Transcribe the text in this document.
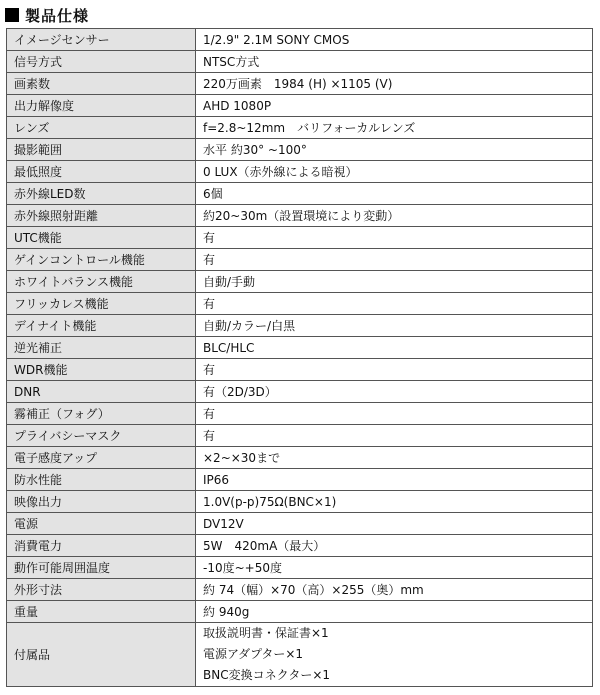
製品仕様
イメージセンサー	1/2.9" 2.1M SONY CMOS
信号方式	NTSC方式
画素数	220万画素　1984 (H) ×1105 (V)
出力解像度	AHD 1080P
レンズ	f=2.8~12mm　バリフォーカルレンズ
撮影範囲	水平 約30° ~100°
最低照度	0 LUX（赤外線による暗視）
赤外線LED数	6個
赤外線照射距離	約20~30m（設置環境により変動）
UTC機能	有
ゲインコントロール機能	有
ホワイトバランス機能	自動/手動
フリッカレス機能	有
デイナイト機能	自動/カラー/白黒
逆光補正	BLC/HLC
WDR機能	有
DNR	有（2D/3D）
霧補正（フォグ）	有
プライバシーマスク	有
電子感度アップ	×2~×30まで
防水性能	IP66
映像出力	1.0V(p-p)75Ω(BNC×1)
電源	DV12V
消費電力	5W　420mA（最大）
動作可能周囲温度	-10度~+50度
外形寸法	約 74（幅）×70（高）×255（奥）mm
重量	約 940g
付属品	取扱説明書・保証書×1
電源アダプター×1
BNC変換コネクター×1
